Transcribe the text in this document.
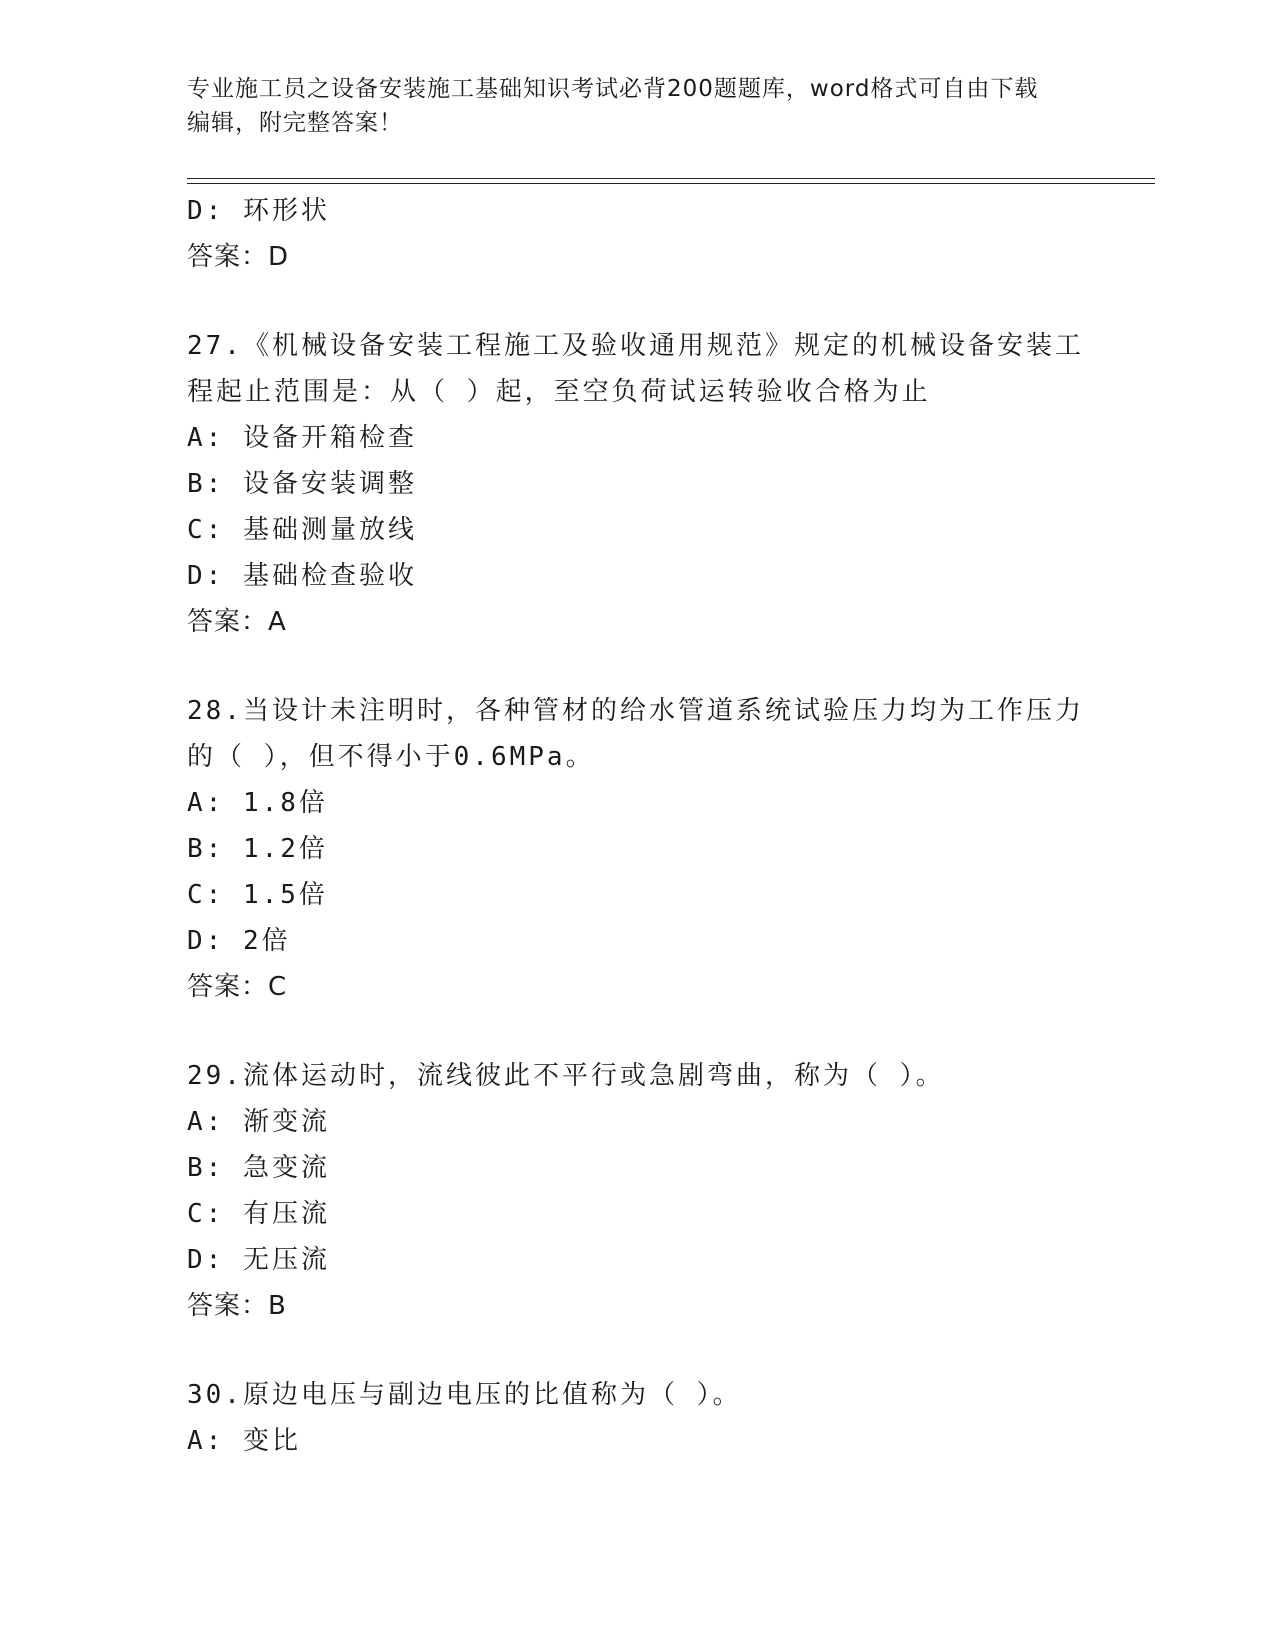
专业施工员之设备安装施工基础知识考试必背200题题库，word格式可自由下载
编辑，附完整答案！
D: 环形状
答案：D
27.《机械设备安装工程施工及验收通用规范》规定的机械设备安装工
程起止范围是：从（ ）起，至空负荷试运转验收合格为止
A: 设备开箱检查
B: 设备安装调整
C: 基础测量放线
D: 基础检查验收
答案：A
28.当设计未注明时，各种管材的给水管道系统试验压力均为工作压力
的（ ），但不得小于0.6MPa。
A: 1.8倍
B: 1.2倍
C: 1.5倍
D: 2倍
答案：C
29.流体运动时，流线彼此不平行或急剧弯曲，称为（ ）。
A: 渐变流
B: 急变流
C: 有压流
D: 无压流
答案：B
30.原边电压与副边电压的比值称为（ ）。
A: 变比
